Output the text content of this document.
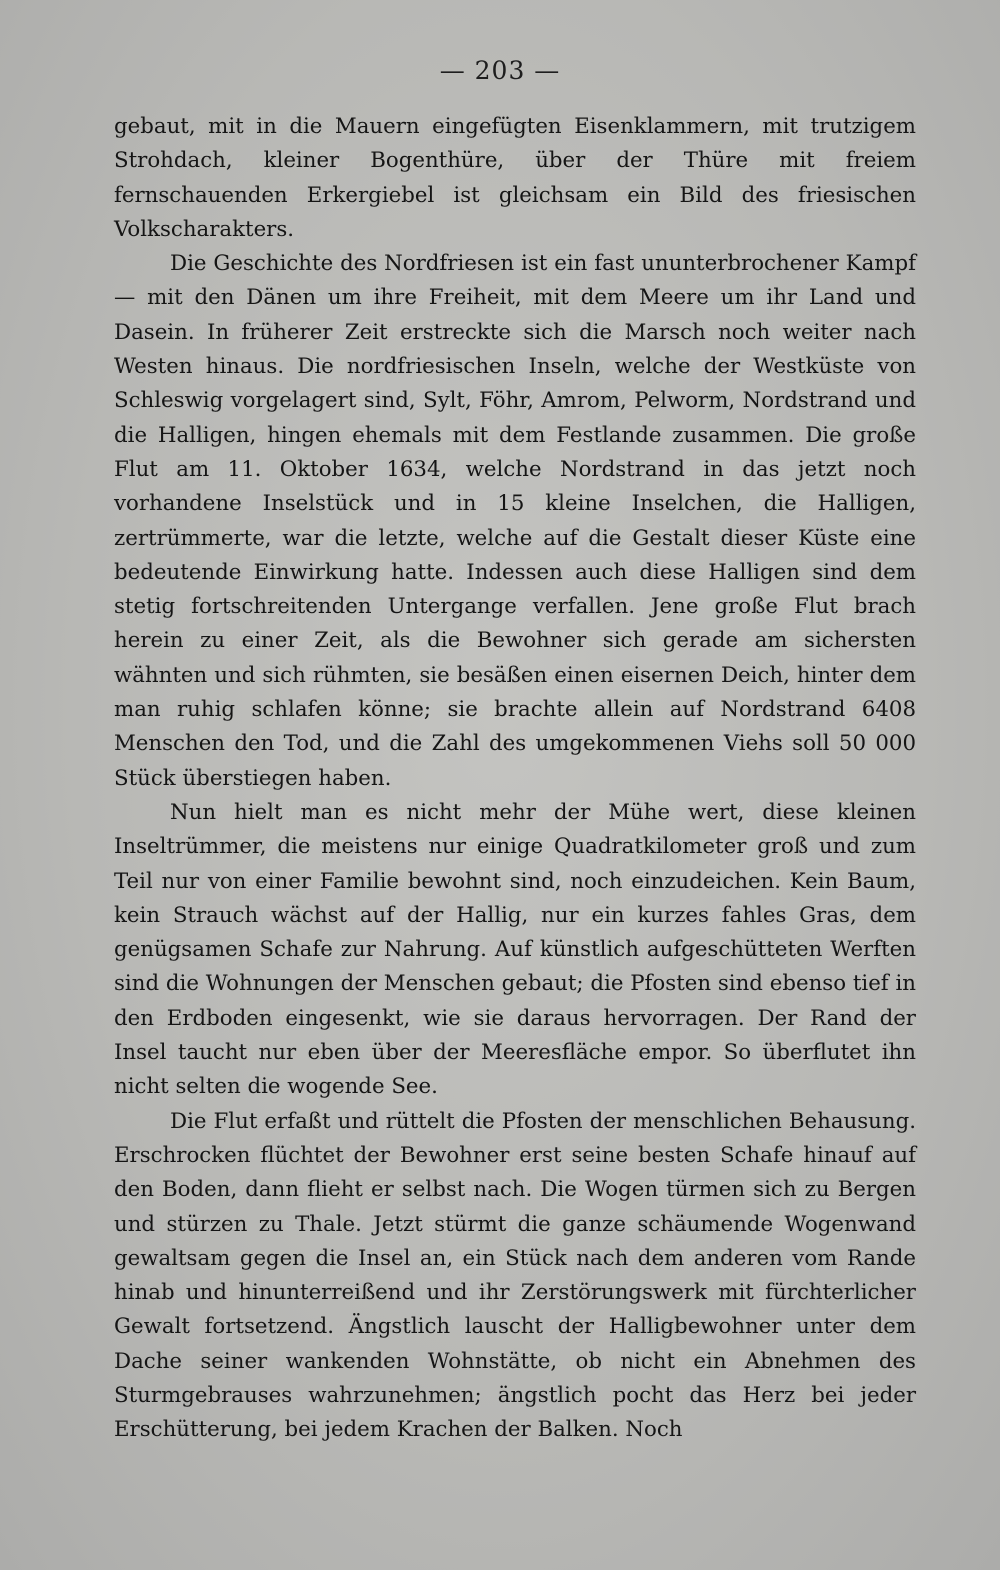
— 203 —

gebaut, mit in die Mauern eingefügten Eisenklammern, mit trutzigem Strohdach, kleiner Bogenthüre, über der Thüre mit freiem fernschauenden Erkergiebel ist gleichsam ein Bild des friesischen Volkscharakters.

Die Geschichte des Nordfriesen ist ein fast ununterbrochener Kampf — mit den Dänen um ihre Freiheit, mit dem Meere um ihr Land und Dasein. In früherer Zeit erstreckte sich die Marsch noch weiter nach Westen hinaus. Die nordfriesischen Inseln, welche der Westküste von Schleswig vorgelagert sind, Sylt, Föhr, Amrom, Pelworm, Nordstrand und die Halligen, hingen ehemals mit dem Festlande zusammen. Die große Flut am 11. Oktober 1634, welche Nordstrand in das jetzt noch vorhandene Inselstück und in 15 kleine Inselchen, die Halligen, zertrümmerte, war die letzte, welche auf die Gestalt dieser Küste eine bedeutende Einwirkung hatte. Indessen auch diese Halligen sind dem stetig fortschreitenden Untergange verfallen. Jene große Flut brach herein zu einer Zeit, als die Bewohner sich gerade am sichersten wähnten und sich rühmten, sie besäßen einen eisernen Deich, hinter dem man ruhig schlafen könne; sie brachte allein auf Nordstrand 6408 Menschen den Tod, und die Zahl des umgekommenen Viehs soll 50 000 Stück überstiegen haben.

Nun hielt man es nicht mehr der Mühe wert, diese kleinen Inseltrümmer, die meistens nur einige Quadratkilometer groß und zum Teil nur von einer Familie bewohnt sind, noch einzudeichen. Kein Baum, kein Strauch wächst auf der Hallig, nur ein kurzes fahles Gras, dem genügsamen Schafe zur Nahrung. Auf künstlich aufgeschütteten Werften sind die Wohnungen der Menschen gebaut; die Pfosten sind ebenso tief in den Erdboden eingesenkt, wie sie daraus hervorragen. Der Rand der Insel taucht nur eben über der Meeresfläche empor. So überflutet ihn nicht selten die wogende See.

Die Flut erfaßt und rüttelt die Pfosten der menschlichen Behausung. Erschrocken flüchtet der Bewohner erst seine besten Schafe hinauf auf den Boden, dann flieht er selbst nach. Die Wogen türmen sich zu Bergen und stürzen zu Thale. Jetzt stürmt die ganze schäumende Wogenwand gewaltsam gegen die Insel an, ein Stück nach dem anderen vom Rande hinab und hinunterreißend und ihr Zerstörungswerk mit fürchterlicher Gewalt fortsetzend. Ängstlich lauscht der Halligbewohner unter dem Dache seiner wankenden Wohnstätte, ob nicht ein Abnehmen des Sturmgebrauses wahrzunehmen; ängstlich pocht das Herz bei jeder Erschütterung, bei jedem Krachen der Balken. Noch
